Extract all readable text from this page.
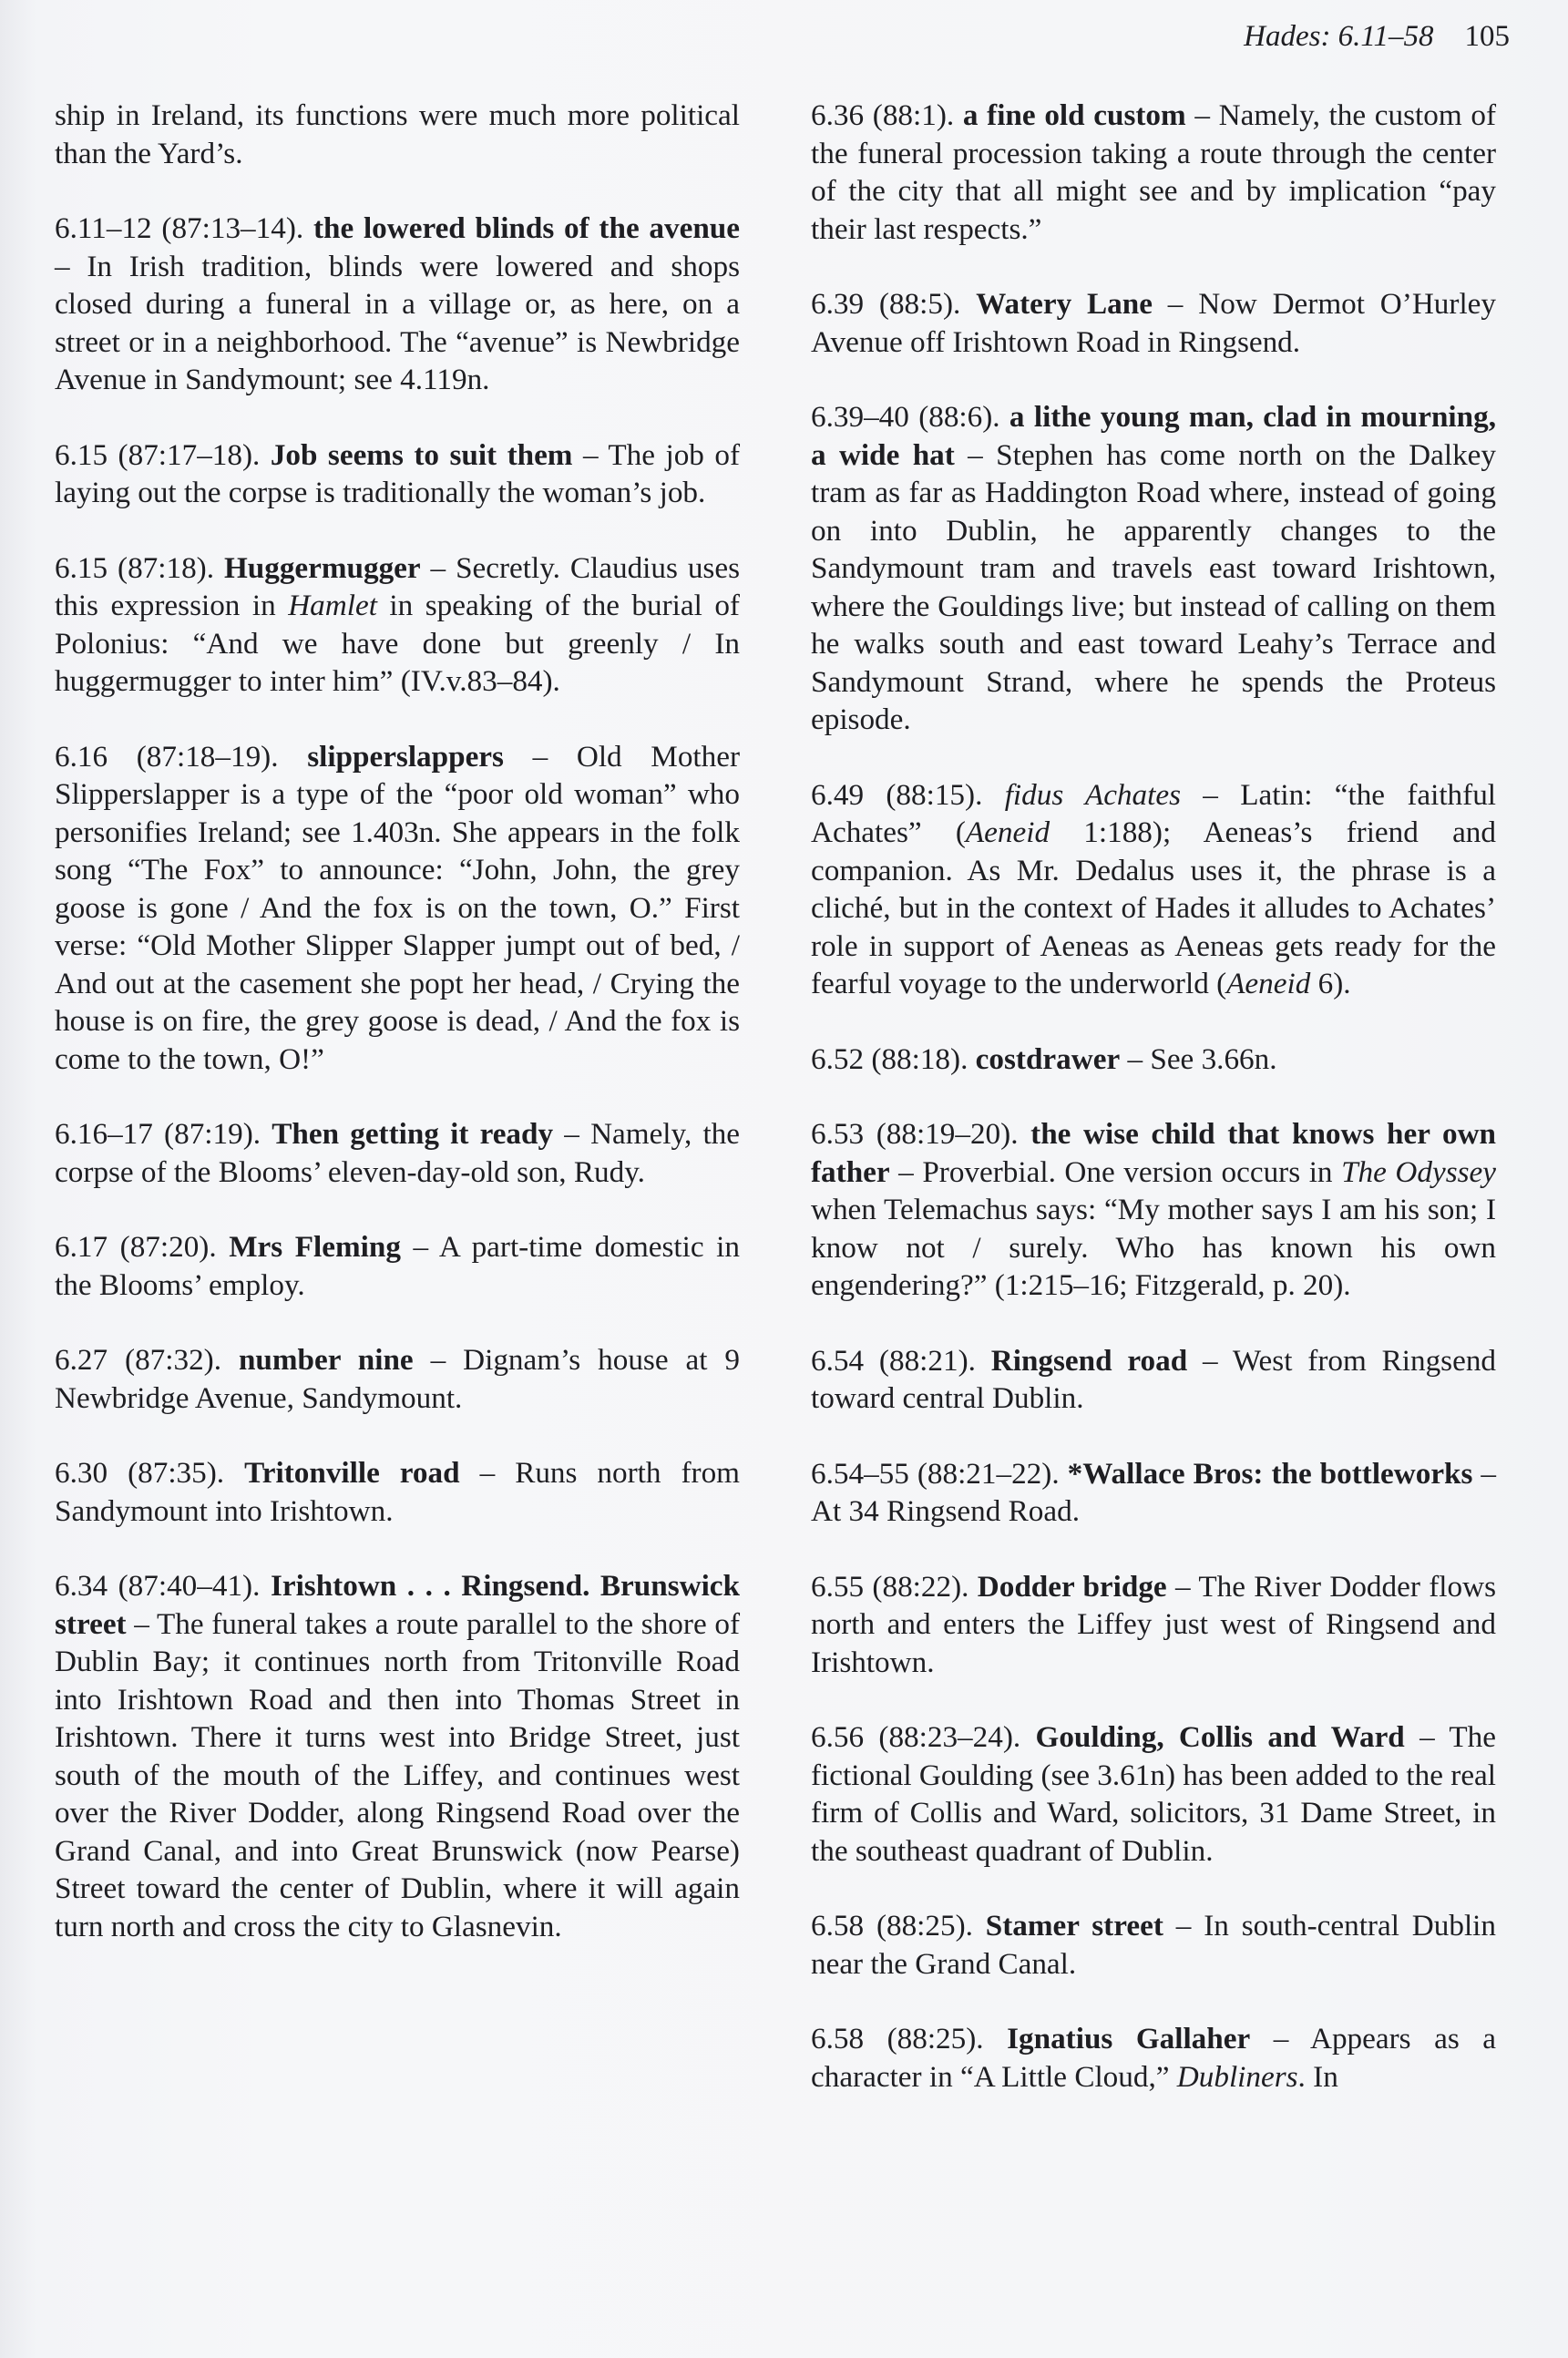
Hades: 6.11–58 105

ship in Ireland, its functions were much more political than the Yard’s.

6.11–12 (87:13–14). the lowered blinds of the avenue – In Irish tradition, blinds were lowered and shops closed during a funeral in a village or, as here, on a street or in a neighborhood. The “avenue” is Newbridge Avenue in Sandymount; see 4.119n.

6.15 (87:17–18). Job seems to suit them – The job of laying out the corpse is traditionally the woman’s job.

6.15 (87:18). Huggermugger – Secretly. Claudius uses this expression in Hamlet in speaking of the burial of Polonius: “And we have done but greenly / In huggermugger to inter him” (IV.v.83–84).

6.16 (87:18–19). slipperslappers – Old Mother Slipperslapper is a type of the “poor old woman” who personifies Ireland; see 1.403n. She appears in the folk song “The Fox” to announce: “John, John, the grey goose is gone / And the fox is on the town, O.” First verse: “Old Mother Slipper Slapper jumpt out of bed, / And out at the casement she popt her head, / Crying the house is on fire, the grey goose is dead, / And the fox is come to the town, O!”

6.16–17 (87:19). Then getting it ready – Namely, the corpse of the Blooms’ eleven-day-old son, Rudy.

6.17 (87:20). Mrs Fleming – A part-time domestic in the Blooms’ employ.

6.27 (87:32). number nine – Dignam’s house at 9 Newbridge Avenue, Sandymount.

6.30 (87:35). Tritonville road – Runs north from Sandymount into Irishtown.

6.34 (87:40–41). Irishtown . . . Ringsend. Brunswick street – The funeral takes a route parallel to the shore of Dublin Bay; it continues north from Tritonville Road into Irishtown Road and then into Thomas Street in Irishtown. There it turns west into Bridge Street, just south of the mouth of the Liffey, and continues west over the River Dodder, along Ringsend Road over the Grand Canal, and into Great Brunswick (now Pearse) Street toward the center of Dublin, where it will again turn north and cross the city to Glasnevin.

6.36 (88:1). a fine old custom – Namely, the custom of the funeral procession taking a route through the center of the city that all might see and by implication “pay their last respects.”

6.39 (88:5). Watery Lane – Now Dermot O’Hurley Avenue off Irishtown Road in Ringsend.

6.39–40 (88:6). a lithe young man, clad in mourning, a wide hat – Stephen has come north on the Dalkey tram as far as Haddington Road where, instead of going on into Dublin, he apparently changes to the Sandymount tram and travels east toward Irishtown, where the Gouldings live; but instead of calling on them he walks south and east toward Leahy’s Terrace and Sandymount Strand, where he spends the Proteus episode.

6.49 (88:15). fidus Achates – Latin: “the faithful Achates” (Aeneid 1:188); Aeneas’s friend and companion. As Mr. Dedalus uses it, the phrase is a cliché, but in the context of Hades it alludes to Achates’ role in support of Aeneas as Aeneas gets ready for the fearful voyage to the underworld (Aeneid 6).

6.52 (88:18). costdrawer – See 3.66n.

6.53 (88:19–20). the wise child that knows her own father – Proverbial. One version occurs in The Odyssey when Telemachus says: “My mother says I am his son; I know not / surely. Who has known his own engendering?” (1:215–16; Fitzgerald, p. 20).

6.54 (88:21). Ringsend road – West from Ringsend toward central Dublin.

6.54–55 (88:21–22). *Wallace Bros: the bottleworks – At 34 Ringsend Road.

6.55 (88:22). Dodder bridge – The River Dodder flows north and enters the Liffey just west of Ringsend and Irishtown.

6.56 (88:23–24). Goulding, Collis and Ward – The fictional Goulding (see 3.61n) has been added to the real firm of Collis and Ward, solicitors, 31 Dame Street, in the southeast quadrant of Dublin.

6.58 (88:25). Stamer street – In south-central Dublin near the Grand Canal.

6.58 (88:25). Ignatius Gallaher – Appears as a character in “A Little Cloud,” Dubliners. In
